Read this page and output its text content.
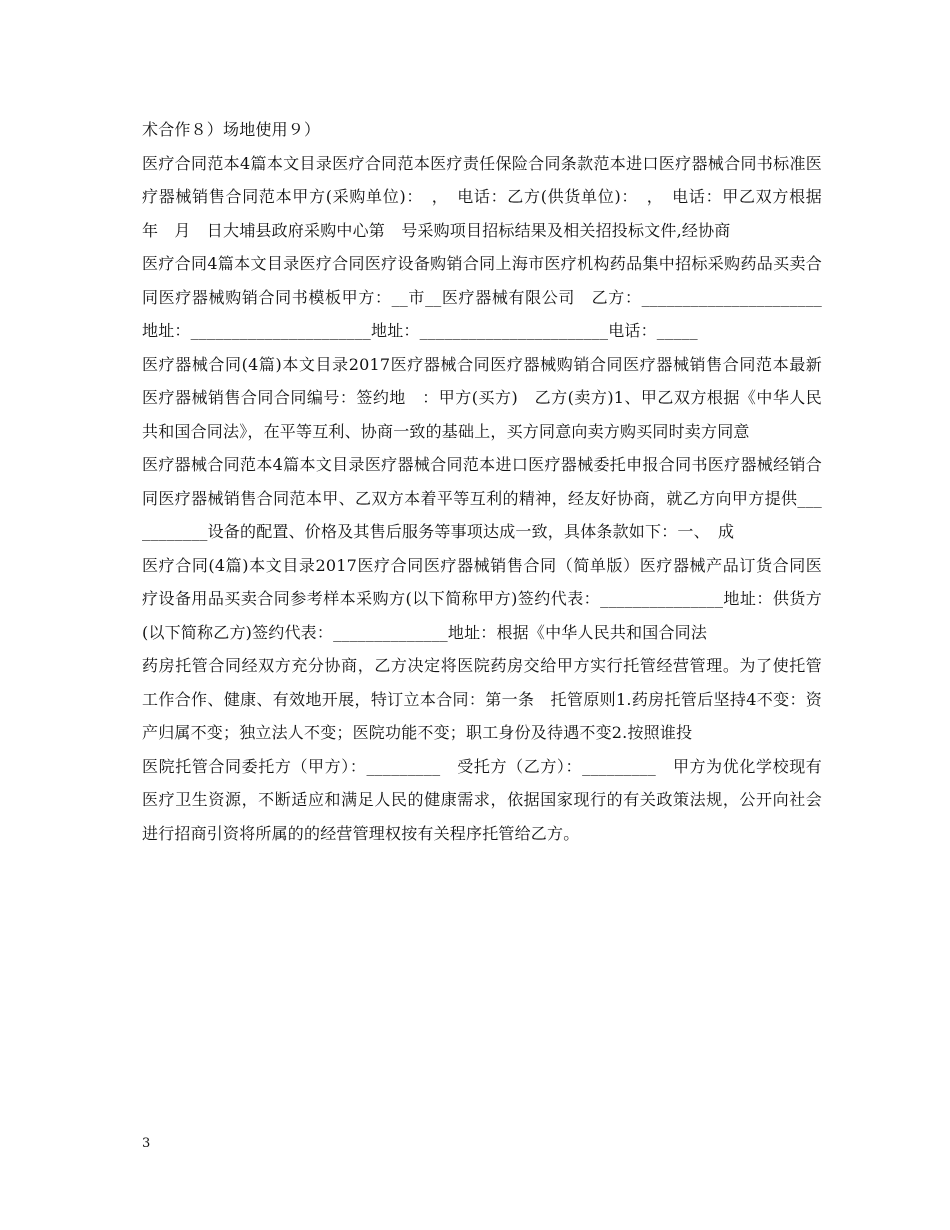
术合作８）场地使用９）

医疗合同范本4篇本文目录医疗合同范本医疗责任保险合同条款范本进口医疗器械合同书标准医疗器械销售合同范本甲方(采购单位)：　，　电话：乙方(供货单位)：　，　电话：甲乙双方根据　年　月　日大埔县政府采购中心第　号采购项目招标结果及相关招投标文件,经协商

医疗合同4篇本文目录医疗合同医疗设备购销合同上海市医疗机构药品集中招标采购药品买卖合同医疗器械购销合同书模板甲方：__市__医疗器械有限公司　乙方：______________________地址：______________________地址：_______________________电话：_____

医疗器械合同(4篇)本文目录2017医疗器械合同医疗器械购销合同医疗器械销售合同范本最新医疗器械销售合同合同编号：签约地　：甲方(买方)　乙方(卖方)1、甲乙双方根据《中华人民共和国合同法》，在平等互利、协商一致的基础上，买方同意向卖方购买同时卖方同意

医疗器械合同范本4篇本文目录医疗器械合同范本进口医疗器械委托申报合同书医疗器械经销合同医疗器械销售合同范本甲、乙双方本着平等互利的精神，经友好协商，就乙方向甲方提供___________设备的配置、价格及其售后服务等事项达成一致，具体条款如下：一、　成

医疗合同(4篇)本文目录2017医疗合同医疗器械销售合同（简单版）医疗器械产品订货合同医疗设备用品买卖合同参考样本采购方(以下简称甲方)签约代表：_______________地址：供货方(以下简称乙方)签约代表：______________地址：根据《中华人民共和国合同法

药房托管合同经双方充分协商，乙方决定将医院药房交给甲方实行托管经营管理。为了使托管工作合作、健康、有效地开展，特订立本合同：第一条　托管原则1.药房托管后坚持4不变：资产归属不变；独立法人不变；医院功能不变；职工身份及待遇不变2.按照谁投

医院托管合同委托方（甲方）：_________　受托方（乙方）：_________　甲方为优化学校现有医疗卫生资源，不断适应和满足人民的健康需求，依据国家现行的有关政策法规，公开向社会进行招商引资将所属的的经营管理权按有关程序托管给乙方。

3
